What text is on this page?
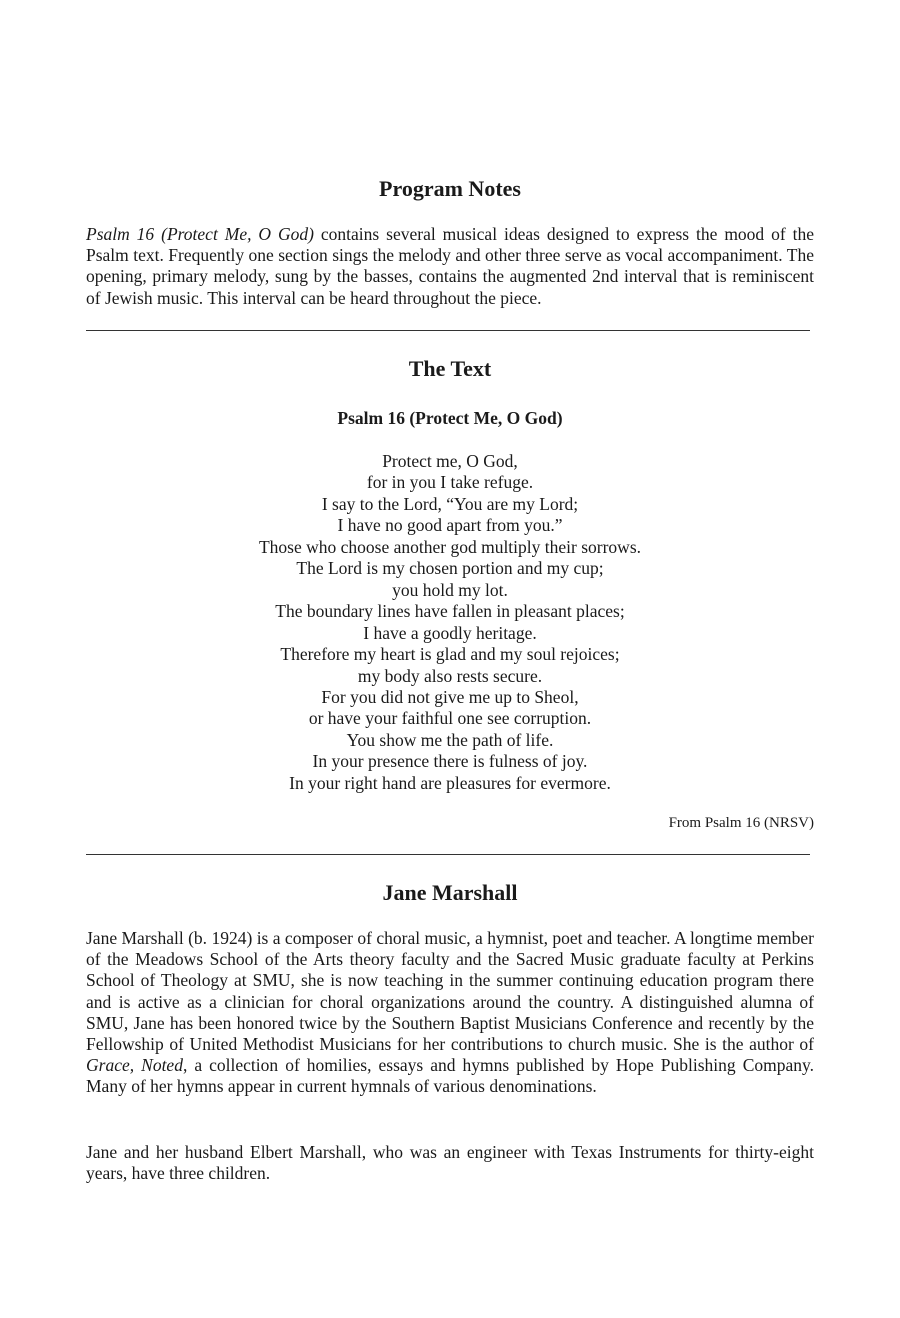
Program Notes

Psalm 16 (Protect Me, O God) contains several musical ideas designed to express the mood of the Psalm text. Frequently one section sings the melody and other three serve as vocal accompaniment. The opening, primary melody, sung by the basses, contains the augmented 2nd interval that is reminiscent of Jewish music. This interval can be heard throughout the piece.

The Text
Psalm 16 (Protect Me, O God)
Protect me, O God,
for in you I take refuge.
I say to the Lord, “You are my Lord;
I have no good apart from you.”
Those who choose another god multiply their sorrows.
The Lord is my chosen portion and my cup;
you hold my lot.
The boundary lines have fallen in pleasant places;
I have a goodly heritage.
Therefore my heart is glad and my soul rejoices;
my body also rests secure.
For you did not give me up to Sheol,
or have your faithful one see corruption.
You show me the path of life.
In your presence there is fulness of joy.
In your right hand are pleasures for evermore.

From Psalm 16 (NRSV)

Jane Marshall

Jane Marshall (b. 1924) is a composer of choral music, a hymnist, poet and teacher. A longtime member of the Meadows School of the Arts theory faculty and the Sacred Music graduate faculty at Perkins School of Theology at SMU, she is now teaching in the summer continuing education program there and is active as a clinician for choral organizations around the country. A distinguished alumna of SMU, Jane has been honored twice by the Southern Baptist Musicians Conference and recently by the Fellowship of United Methodist Musicians for her contributions to church music. She is the author of Grace, Noted, a collection of homilies, essays and hymns published by Hope Publishing Company. Many of her hymns appear in current hymnals of various denominations.

Jane and her husband Elbert Marshall, who was an engineer with Texas Instruments for thirty-eight years, have three children.
